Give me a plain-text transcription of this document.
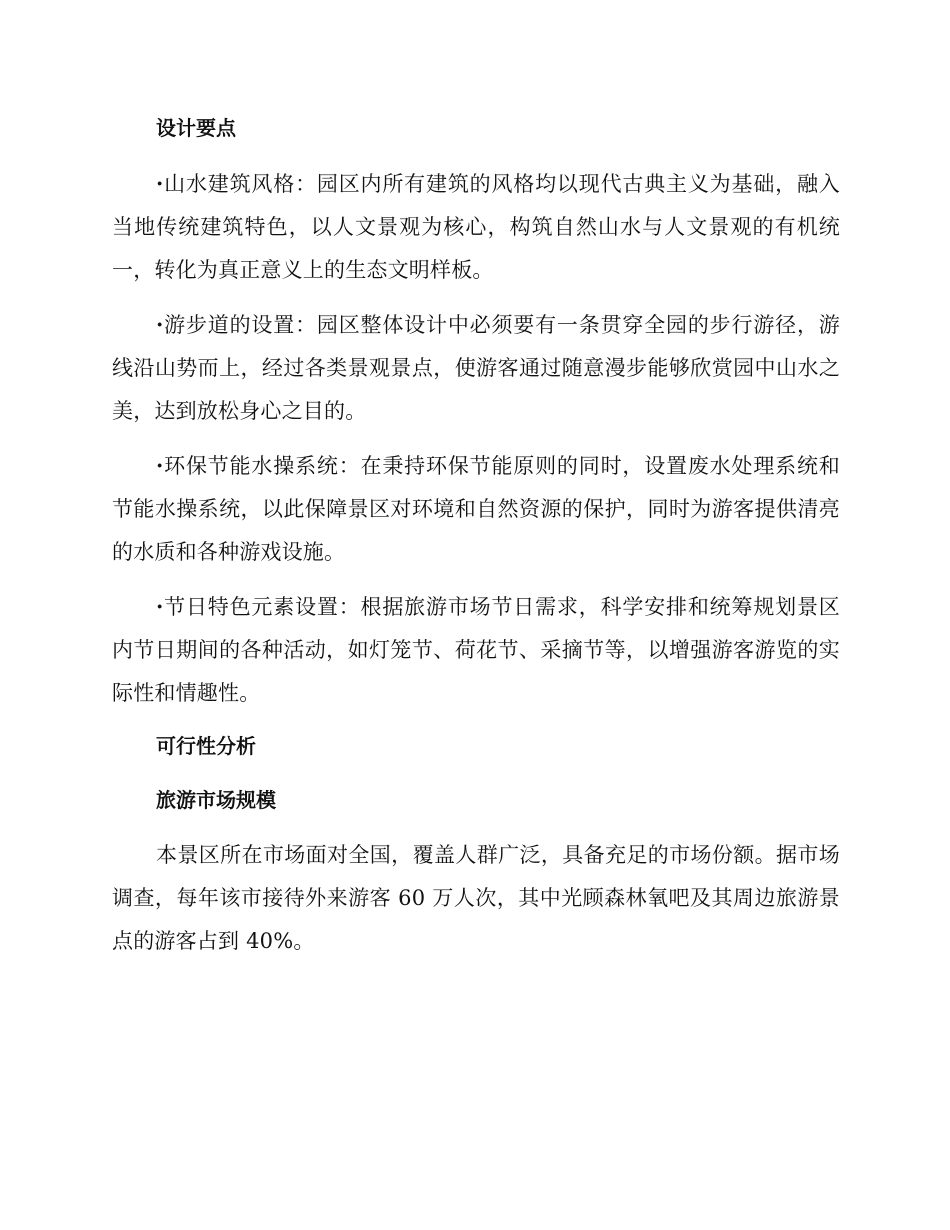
设计要点

·山水建筑风格：园区内所有建筑的风格均以现代古典主义为基础，融入当地传统建筑特色，以人文景观为核心，构筑自然山水与人文景观的有机统一，转化为真正意义上的生态文明样板。

·游步道的设置：园区整体设计中必须要有一条贯穿全园的步行游径，游线沿山势而上，经过各类景观景点，使游客通过随意漫步能够欣赏园中山水之美，达到放松身心之目的。

·环保节能水操系统：在秉持环保节能原则的同时，设置废水处理系统和节能水操系统，以此保障景区对环境和自然资源的保护，同时为游客提供清亮的水质和各种游戏设施。

·节日特色元素设置：根据旅游市场节日需求，科学安排和统筹规划景区内节日期间的各种活动，如灯笼节、荷花节、采摘节等，以增强游客游览的实际性和情趣性。

可行性分析
旅游市场规模

本景区所在市场面对全国，覆盖人群广泛，具备充足的市场份额。据市场调查，每年该市接待外来游客 60 万人次，其中光顾森林氧吧及其周边旅游景点的游客占到 40%。
